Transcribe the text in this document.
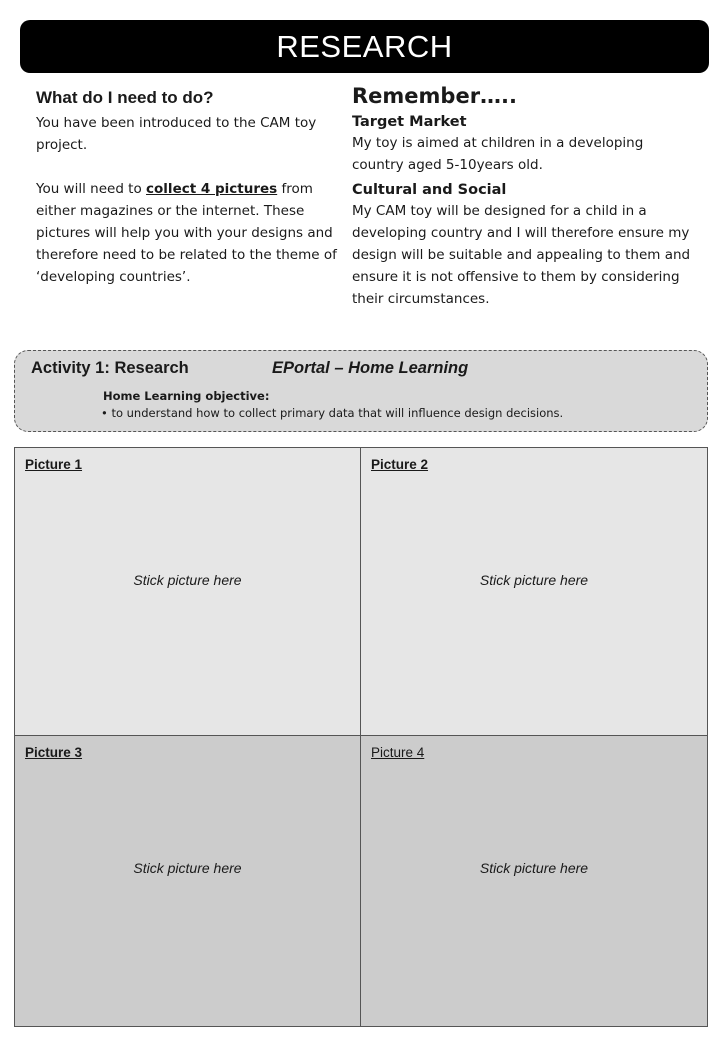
RESEARCH

What do I need to do?

You have been introduced to the CAM toy project.

You will need to collect 4 pictures from either magazines or the internet. These pictures will help you with your designs and therefore need to be related to the theme of ‘developing countries’.

Remember…..

Target Market

My toy is aimed at children in a developing country aged 5-10years old.

Cultural and Social

My CAM toy will be designed for a child in a developing country and I will therefore ensure my design will be suitable and appealing to them and ensure it is not offensive to them by considering their circumstances.

Activity 1: Research	EPortal – Home Learning
Home Learning objective:
• to understand how to collect primary data that will influence design decisions.
Picture 1
Stick picture here
Picture 2
Stick picture here
Picture 3
Stick picture here
Picture 4
Stick picture here
